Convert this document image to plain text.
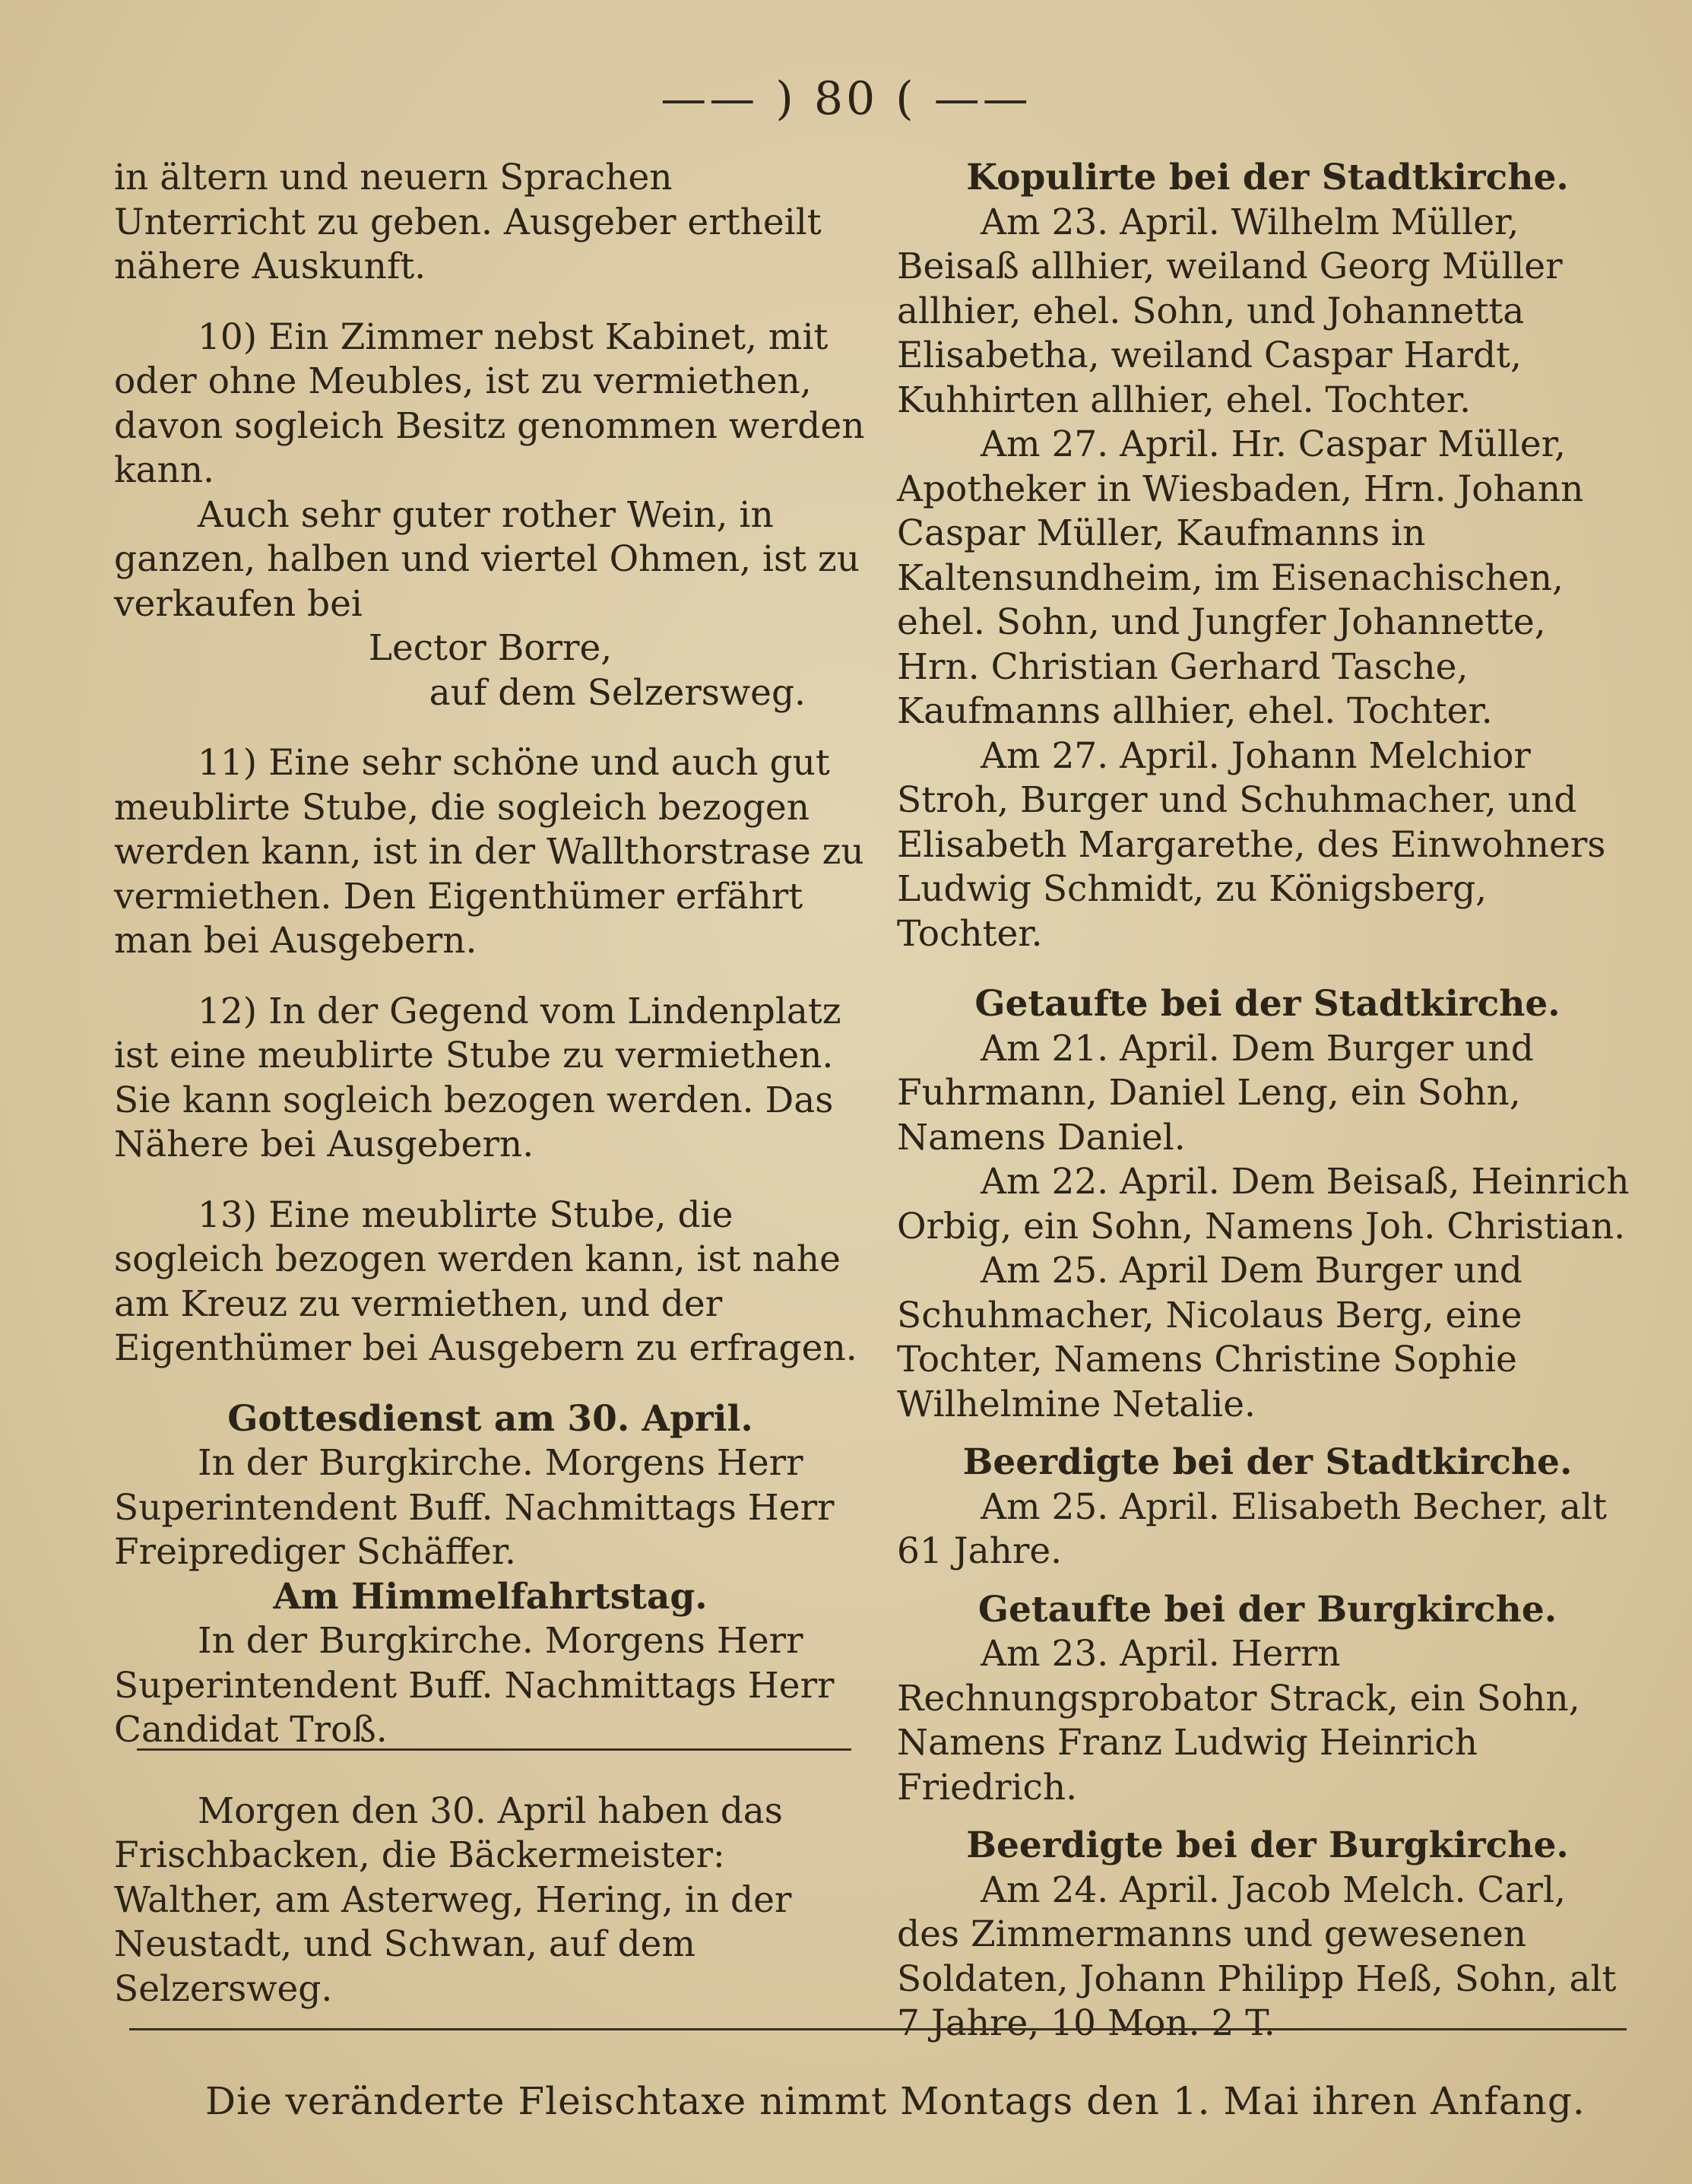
—— ) 80 ( ——

in ältern und neuern Sprachen Unterricht zu geben. Ausgeber ertheilt nähere Auskunft.

10) Ein Zimmer nebst Kabinet, mit oder ohne Meubles, ist zu vermiethen, davon sogleich Besitz genommen werden kann.

Auch sehr guter rother Wein, in ganzen, halben und viertel Ohmen, ist zu verkaufen bei

Lector Borre,

auf dem Selzersweg.

11) Eine sehr schöne und auch gut meublirte Stube, die sogleich bezogen werden kann, ist in der Wallthorstrase zu vermiethen. Den Eigenthümer erfährt man bei Ausgebern.

12) In der Gegend vom Lindenplatz ist eine meublirte Stube zu vermiethen. Sie kann sogleich bezogen werden. Das Nähere bei Ausgebern.

13) Eine meublirte Stube, die sogleich bezogen werden kann, ist nahe am Kreuz zu vermiethen, und der Eigenthümer bei Ausgebern zu erfragen.

Gottesdienst am 30. April.

In der Burgkirche. Morgens Herr Superintendent Buff. Nachmittags Herr Freiprediger Schäffer.

Am Himmelfahrtstag.

In der Burgkirche. Morgens Herr Superintendent Buff. Nachmittags Herr Candidat Troß.

Morgen den 30. April haben das Frischbacken, die Bäckermeister: Walther, am Asterweg, Hering, in der Neustadt, und Schwan, auf dem Selzersweg.

Kopulirte bei der Stadtkirche.

Am 23. April. Wilhelm Müller, Beisaß allhier, weiland Georg Müller allhier, ehel. Sohn, und Johannetta Elisabetha, weiland Caspar Hardt, Kuhhirten allhier, ehel. Tochter.

Am 27. April. Hr. Caspar Müller, Apotheker in Wiesbaden, Hrn. Johann Caspar Müller, Kaufmanns in Kaltensundheim, im Eisenachischen, ehel. Sohn, und Jungfer Johannette, Hrn. Christian Gerhard Tasche, Kaufmanns allhier, ehel. Tochter.

Am 27. April. Johann Melchior Stroh, Burger und Schuhmacher, und Elisabeth Margarethe, des Einwohners Ludwig Schmidt, zu Königsberg, Tochter.

Getaufte bei der Stadtkirche.

Am 21. April. Dem Burger und Fuhrmann, Daniel Leng, ein Sohn, Namens Daniel.

Am 22. April. Dem Beisaß, Heinrich Orbig, ein Sohn, Namens Joh. Christian.

Am 25. April Dem Burger und Schuhmacher, Nicolaus Berg, eine Tochter, Namens Christine Sophie Wilhelmine Netalie.

Beerdigte bei der Stadtkirche.

Am 25. April. Elisabeth Becher, alt 61 Jahre.

Getaufte bei der Burgkirche.

Am 23. April. Herrn Rechnungsprobator Strack, ein Sohn, Namens Franz Ludwig Heinrich Friedrich.

Beerdigte bei der Burgkirche.

Am 24. April. Jacob Melch. Carl, des Zimmermanns und gewesenen Soldaten, Johann Philipp Heß, Sohn, alt 7 Jahre, 10 Mon. 2 T.

Die veränderte Fleischtaxe nimmt Montags den 1. Mai ihren Anfang.
